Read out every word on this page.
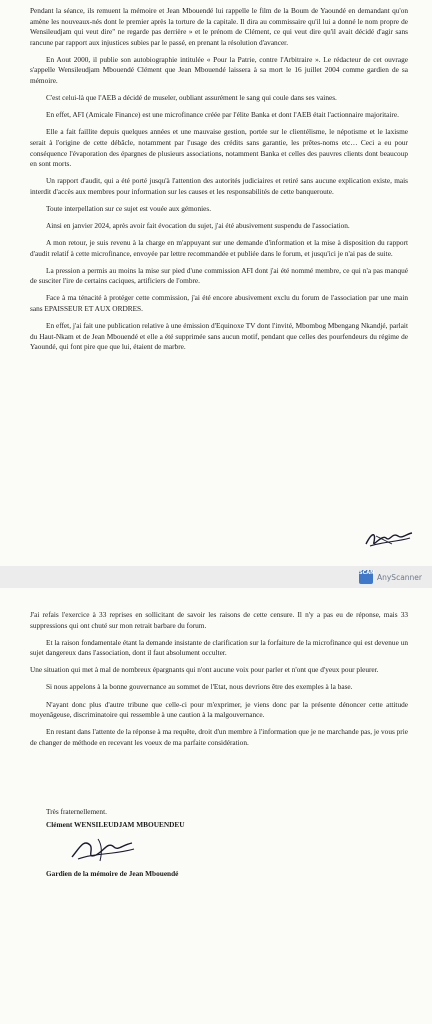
Pendant la séance, ils remuent la mémoire et Jean Mbouendé lui rappelle le film de la Boum de Yaoundé en demandant qu'on amène les nouveaux-nés dont le premier après la torture de la capitale. Il dira au commissaire qu'il lui a donné le nom propre de Wensileudjam qui veut dire" ne regarde pas derrière » et le prénom de Clément, ce qui veut dire qu'il avait décidé d'agir sans rancune par rapport aux injustices subies par le passé, en prenant la résolution d'avancer.

En Aout 2000, il publie son autobiographie intitulée « Pour la Patrie, contre l'Arbitraire ». Le rédacteur de cet ouvrage s'appelle Wensileudjam Mbouendé Clément que Jean Mbouendé laissera à sa mort le 16 juillet 2004 comme gardien de sa mémoire.

C'est celui-là que l'AEB a décidé de museler, oubliant assurément le sang qui coule dans ses vaines.

En effet, AFI (Amicale Finance) est une microfinance créée par l'élite Banka et dont l'AEB était l'actionnaire majoritaire.

Elle a fait faillite depuis quelques années et une mauvaise gestion, portée sur le clientélisme, le népotisme et le laxisme serait à l'origine de cette débâcle, notamment par l'usage des crédits sans garantie, les prêtes-noms etc… Ceci a eu pour conséquence l'évaporation des épargnes de plusieurs associations, notamment Banka et celles des pauvres clients dont beaucoup en sont morts.

Un rapport d'audit, qui a été porté jusqu'à l'attention des autorités judiciaires et retiré sans aucune explication existe, mais interdit d'accès aux membres pour information sur les causes et les responsabilités de cette banqueroute.

Toute interpellation sur ce sujet est vouée aux gémonies.

Ainsi en janvier 2024, après avoir fait évocation du sujet, j'ai été abusivement suspendu de l'association.

A mon retour, je suis revenu à la charge en m'appuyant sur une demande d'information et la mise à disposition du rapport d'audit relatif à cette microfinance, envoyée par lettre recommandée et publiée dans le forum, et jusqu'ici je n'ai pas de suite.

La pression a permis au moins la mise sur pied d'une commission AFI dont j'ai été nommé membre, ce qui n'a pas manqué de susciter l'ire de certains caciques, artificiers de l'ombre.

Face à ma ténacité à protéger cette commission, j'ai été encore abusivement exclu du forum de l'association par une main sans EPAISSEUR ET AUX ORDRES.

En effet, j'ai fait une publication relative à une émission d'Equinoxe TV dont l'invité, Mbombog Mbengang Nkandjé, parlait du Haut-Nkam et de Jean Mbouendé et elle a été supprimée sans aucun motif, pendant que celles des pourfendeurs du régime de Yaoundé, qui font pire que que lui, étaient de marbre.

SCAN AnyScanner

J'ai refais l'exercice à 33 reprises en sollicitant de savoir les raisons de cette censure. Il n'y a pas eu de réponse, mais 33 suppressions qui ont chuté sur mon retrait barbare du forum.

Et la raison fondamentale étant la demande insistante de clarification sur la forfaiture de la microfinance qui est devenue un sujet dangereux dans l'association, dont il faut absolument occulter.

Une situation qui met à mal de nombreux épargnants qui n'ont aucune voix pour parler et n'ont que d'yeux pour pleurer.

Si nous appelons à la bonne gouvernance au sommet de l'Etat, nous devrions être des exemples à la base.

N'ayant donc plus d'autre tribune que celle-ci pour m'exprimer, je viens donc par la présente dénoncer cette attitude moyenâgeuse, discriminatoire qui ressemble à une caution à la malgouvernance.

En restant dans l'attente de la réponse à ma requête, droit d'un membre à l'information que je ne marchande pas, je vous prie de changer de méthode en recevant les voeux de ma parfaite considération.

Très fraternellement.

Clément WENSILEUDJAM MBOUENDEU

Gardien de la mémoire de Jean Mbouendé
